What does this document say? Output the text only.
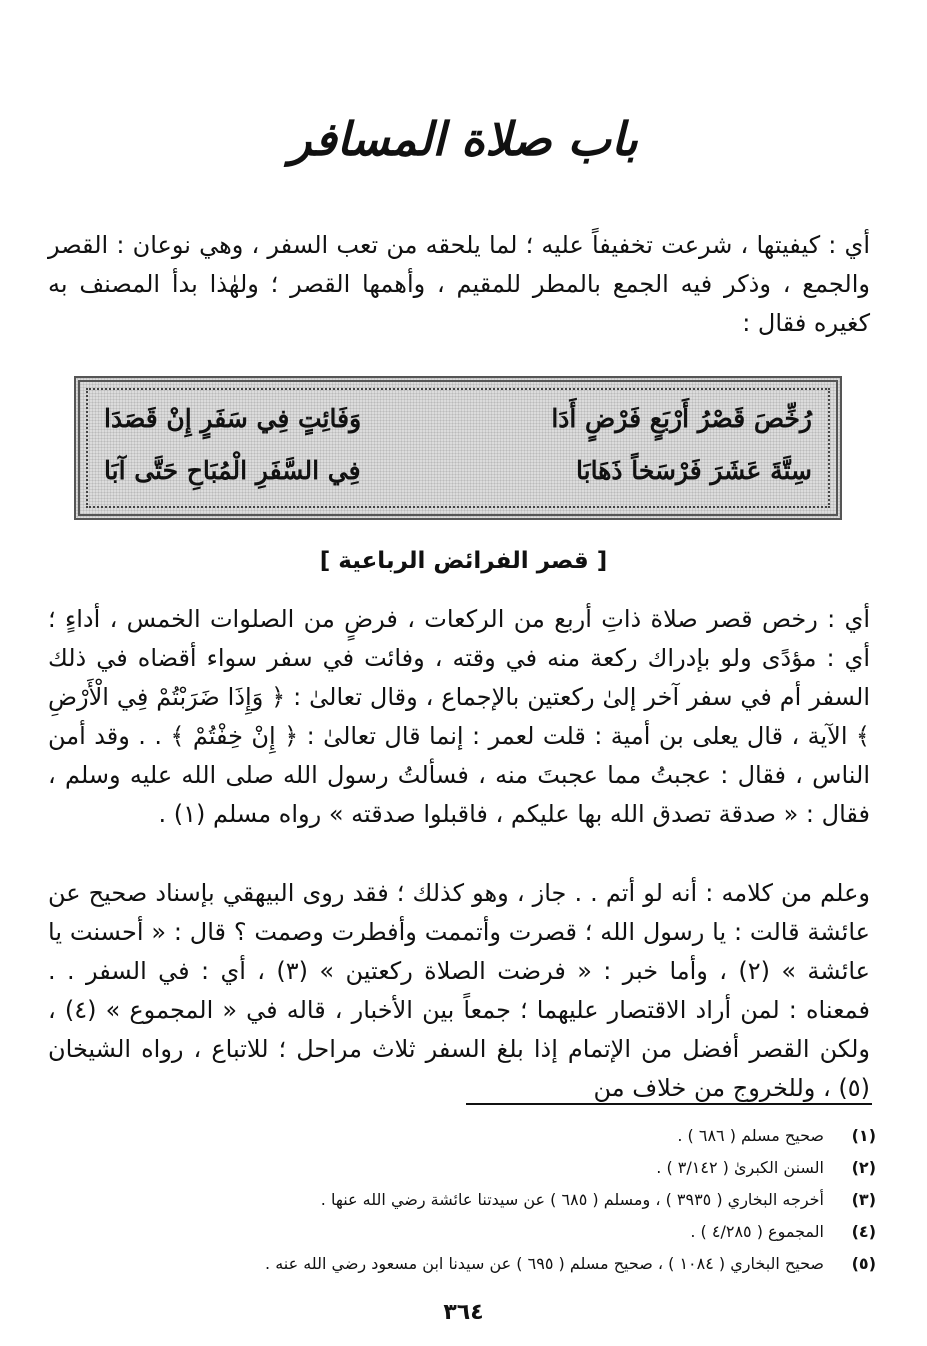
باب صلاة المسافر
أي : كيفيتها ، شرعت تخفيفاً عليه ؛ لما يلحقه من تعب السفر ، وهي نوعان : القصر والجمع ، وذكر فيه الجمع بالمطر للمقيم ، وأهمها القصر ؛ ولهٰذا بدأ المصنف به كغيره فقال :
رُخِّصَ قَصْرُ أَرْبَعٍ فَرْضٍ أَدَا
وَفَائِتٍ فِي سَفَرٍ إِنْ قَصَدَا
سِتَّةَ عَشَرَ فَرْسَخاً ذَهَابَا
فِي السَّفَرِ الْمُبَاحِ حَتَّى آبَا
[ قصر الفرائض الرباعية ]
أي : رخص قصر صلاة ذاتِ أربع من الركعات ، فرضٍ من الصلوات الخمس ، أداءٍ ؛ أي : مؤدًى ولو بإدراك ركعة منه في وقته ، وفائت في سفر سواء أقضاه في ذلك السفر أم في سفر آخر إلىٰ ركعتين بالإجماع ، وقال تعالىٰ : ﴿ وَإِذَا ضَرَبْتُمْ فِي الْأَرْضِ ﴾ الآية ، قال يعلى بن أمية : قلت لعمر : إنما قال تعالىٰ : ﴿ إِنْ خِفْتُمْ ﴾ . . وقد أمن الناس ، فقال : عجبتُ مما عجبتَ منه ، فسألتُ رسول الله صلى الله عليه وسلم ، فقال : « صدقة تصدق الله بها عليكم ، فاقبلوا صدقته » رواه مسلم (١) .
وعلم من كلامه : أنه لو أتم . . جاز ، وهو كذلك ؛ فقد روى البيهقي بإسناد صحيح عن عائشة قالت : يا رسول الله ؛ قصرت وأتممت وأفطرت وصمت ؟ قال : « أحسنت يا عائشة » (٢) ، وأما خبر : « فرضت الصلاة ركعتين » (٣) ، أي : في السفر . . فمعناه : لمن أراد الاقتصار عليهما ؛ جمعاً بين الأخبار ، قاله في « المجموع » (٤) ، ولكن القصر أفضل من الإتمام إذا بلغ السفر ثلاث مراحل ؛ للاتباع ، رواه الشيخان (٥) ، وللخروج من خلاف من
(١)
صحيح مسلم ( ٦٨٦ ) .
(٢)
السنن الكبرىٰ ( ٣/١٤٢ ) .
(٣)
أخرجه البخاري ( ٣٩٣٥ ) ، ومسلم ( ٦٨٥ ) عن سيدتنا عائشة رضي الله عنها .
(٤)
المجموع ( ٤/٢٨٥ ) .
(٥)
صحيح البخاري ( ١٠٨٤ ) ، صحيح مسلم ( ٦٩٥ ) عن سيدنا ابن مسعود رضي الله عنه .
٣٦٤
